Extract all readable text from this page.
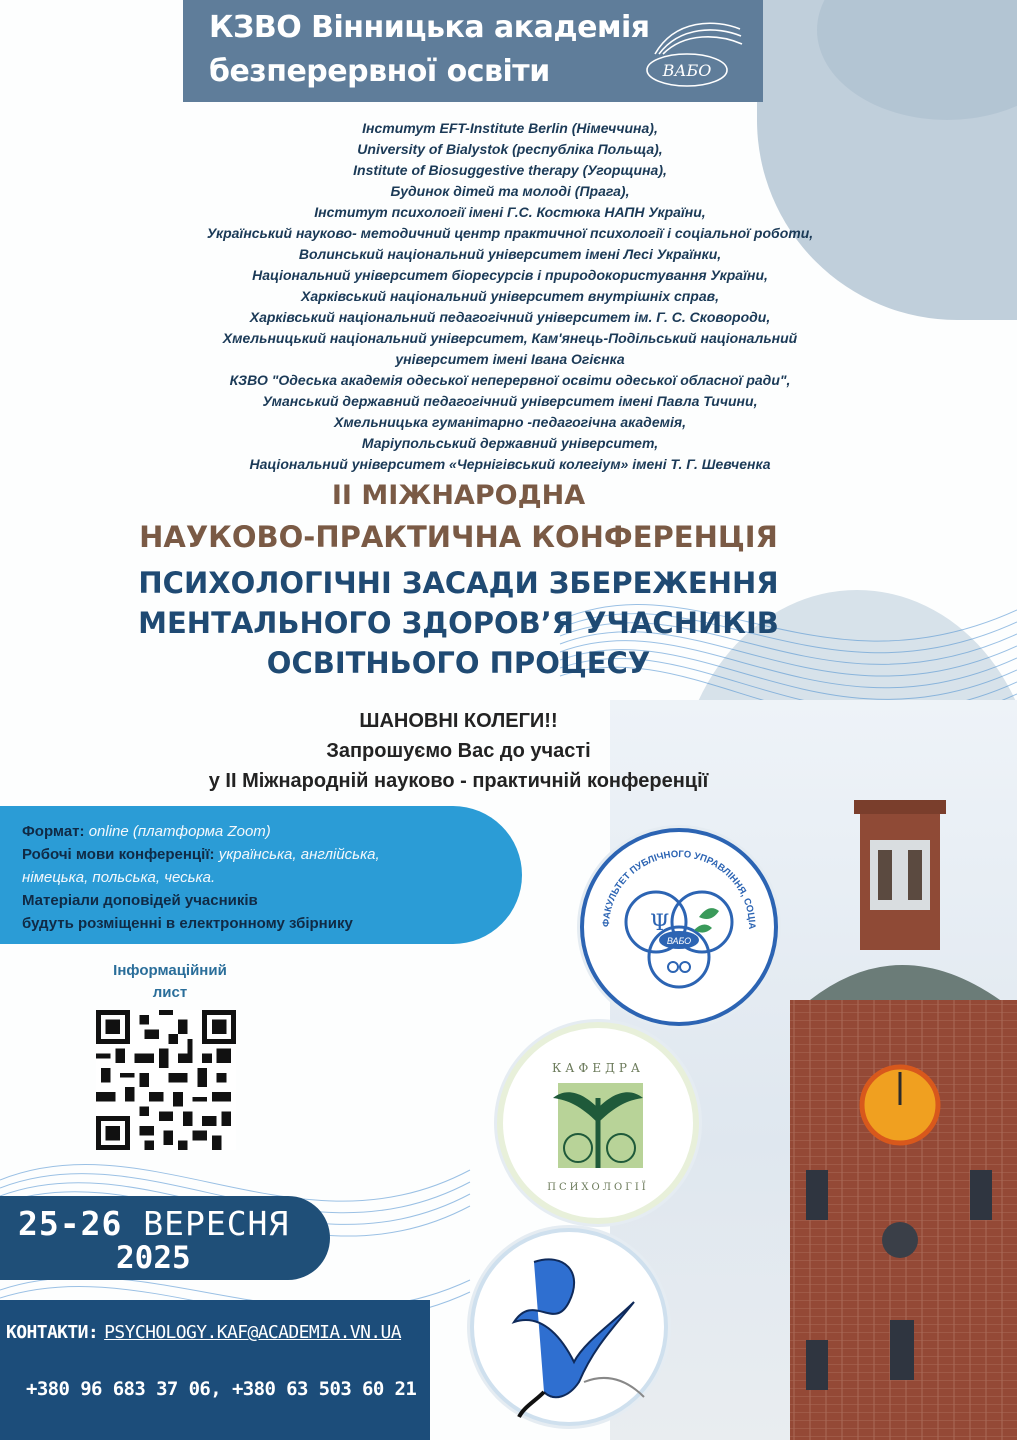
КЗВО Вінницька академія
безперервної освіти	ВАБО
Інститут EFT-Institute Berlin (Німеччина),
University of Bialystok (республіка Польща),
Institute of Biosuggestive therapy (Угорщина),
Будинок дітей та молоді (Прага),
Інститут психології імені Г.С. Костюка НАПН України,
Український науково- методичний центр практичної психології і соціальної роботи,
Волинський національний університет імені Лесі Українки,
Національний університет біоресурсів і природокористування України,
Харківський національний університет внутрішніх справ,
Харківський національний педагогічний університет ім. Г. С. Сковороди,
Хмельницький національний університет, Кам'янець-Подільський національний
університет імені Івана Огієнка
КЗВО "Одеська академія одеської неперервної освіти одеської обласної ради",
Уманський державний педагогічний університет імені Павла Тичини,
Хмельницька гуманітарно -педагогічна академія,
Маріупольський державний університет,
Національний університет «Чернігівський колегіум» імені Т. Г. Шевченка
II МІЖНАРОДНА
НАУКОВО-ПРАКТИЧНА КОНФЕРЕНЦІЯ
ПСИХОЛОГІЧНІ ЗАСАДИ ЗБЕРЕЖЕННЯ
МЕНТАЛЬНОГО ЗДОРОВ’Я УЧАСНИКІВ
ОСВІТНЬОГО ПРОЦЕСУ
ШАНОВНІ КОЛЕГИ!!
Запрошуємо Вас до участі
у II Міжнародній науково - практичній конференції
Формат: online (платформа Zoom)
Робочі мови конференції: українська, англійська,
німецька, польська, чеська.
Матеріали доповідей учасників
будуть розміщенні в електронному збірнику
Інформаційний
лист
ФАКУЛЬТЕТ ПУБЛІЧНОГО УПРАВЛІННЯ, СОЦІА
Ψ
ВАБО
КАФЕДРА
ПСИХОЛОГІЇ
25-26 ВЕРЕСНЯ
2025
КОНТАКТИ: PSYCHOLOGY.KAF@ACADEMIA.VN.UA
+380 96 683 37 06, +380 63 503 60 21
